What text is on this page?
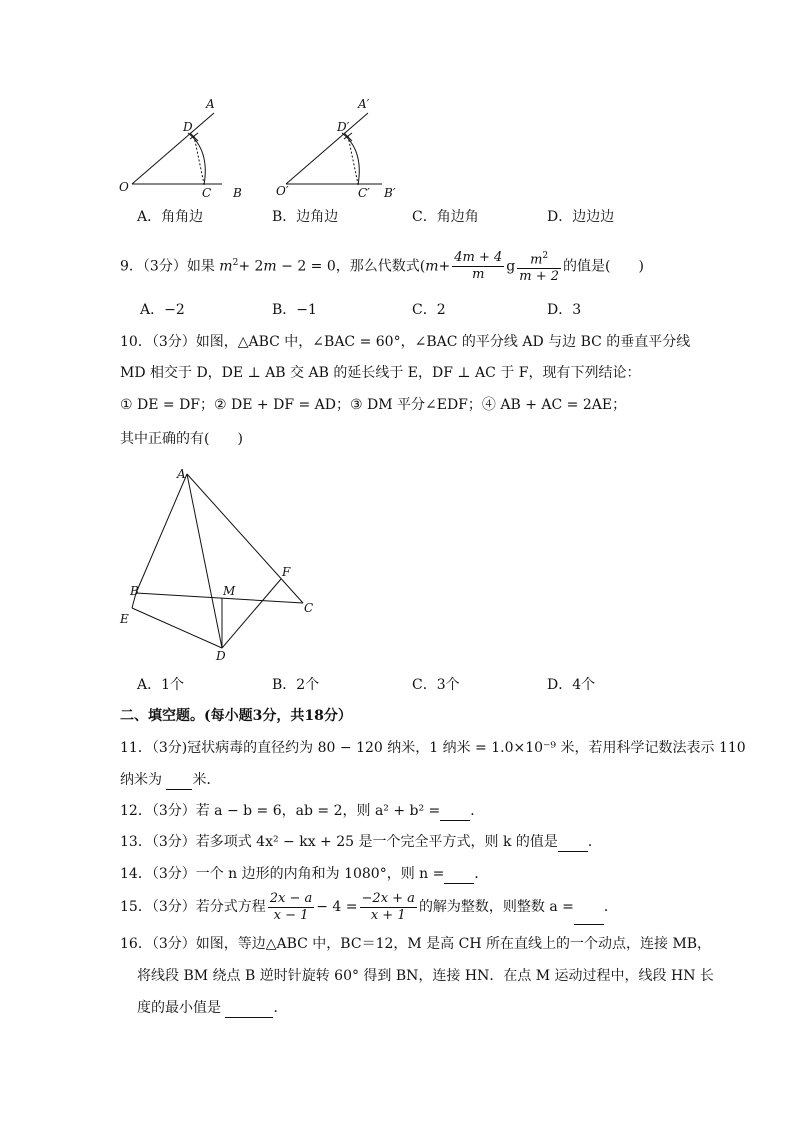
A
D
O	C B
A′
D′
O′	C′ B′
A．角角边	B．边角边	C．角边角	D．边边边
9．（3分）如果 $m^2+ 2m - 2 = 0$，那么代数式($m+ \frac{4m + 4}{m}$ g $\frac{m^2}{m + 2}$ 的值是(　　)
A．−2	B．−1	C．2	D．3
10．（3分）如图，△ABC 中，∠BAC = 60°，∠BAC 的平分线 AD 与边 BC 的垂直平分线
MD 相交于 D，DE ⊥ AB 交 AB 的延长线于 E，DF ⊥ AC 于 F，现有下列结论：
① DE = DF；② DE + DF = AD；③ DM 平分∠EDF；④ AB + AC = 2AE；
其中正确的有(　　)
A
B
C
D
E
F
M
A．1个	B．2个	C．3个	D．4个
二、填空题。(每小题3分，共18分）
11．（3分)冠状病毒的直径约为 80 − 120 纳米，1 纳米 = 1.0×10⁻⁹ 米，若用科学记数法表示 110
纳米为  米．
12．（3分）若 a − b = 6，ab = 2，则 a² + b² = ．
13．（3分）若多项式 4x² − kx + 25 是一个完全平方式，则 k 的值是 ．
14．（3分）一个 n 边形的内角和为 1080°，则 n = ．
15．（3分）若分式方程 $\frac{2x - a}{x - 1} - 4 = \frac{-2x + a}{x + 1}$ 的解为整数，则整数 a = ．
16．（3分）如图，等边△ABC 中，BC＝12，M 是高 CH 所在直线上的一个动点，连接 MB，
将线段 BM 绕点 B 逆时针旋转 60° 得到 BN，连接 HN．在点 M 运动过程中，线段 HN 长
度的最小值是	．
